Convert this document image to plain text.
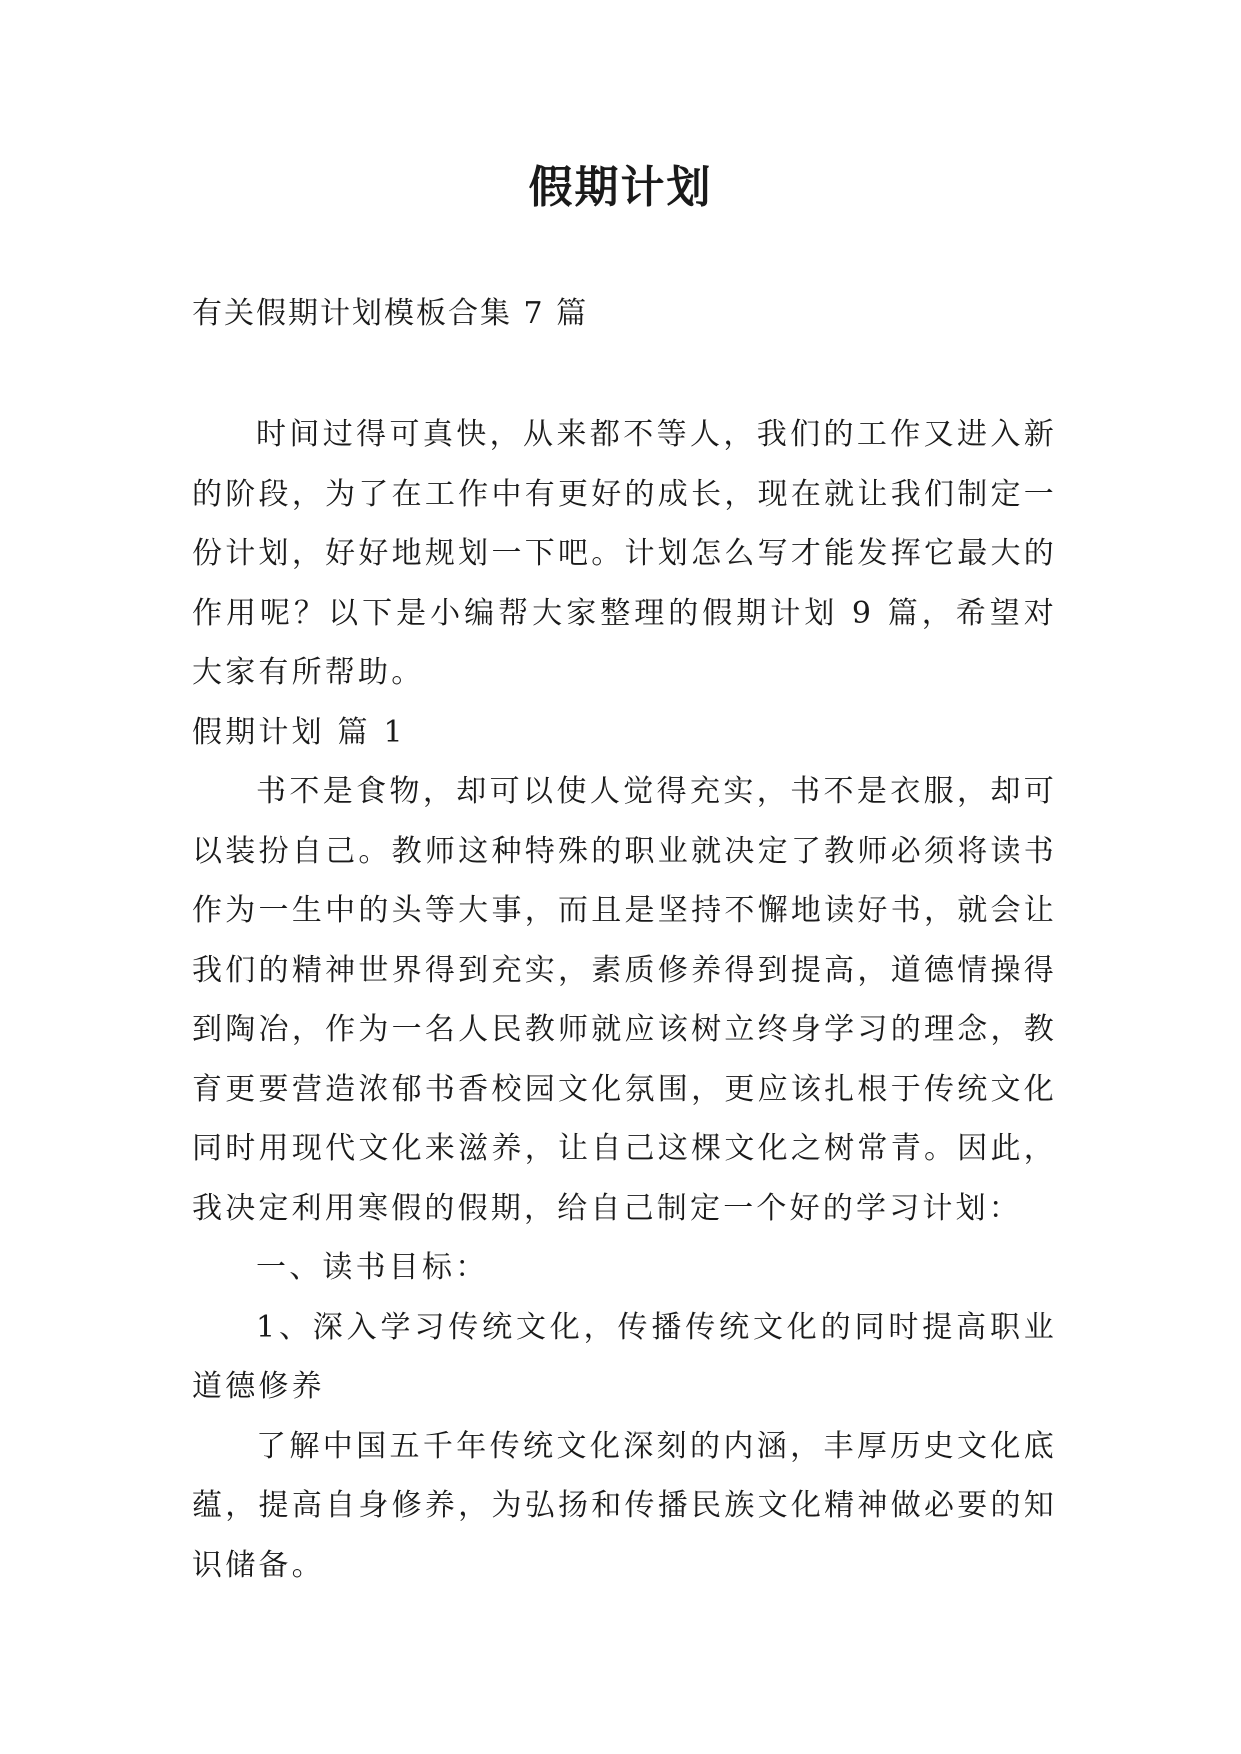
假期计划

有关假期计划模板合集 7 篇

时间过得可真快，从来都不等人，我们的工作又进入新的阶段，为了在工作中有更好的成长，现在就让我们制定一份计划，好好地规划一下吧。计划怎么写才能发挥它最大的作用呢？以下是小编帮大家整理的假期计划 9 篇，希望对大家有所帮助。

假期计划 篇 1

书不是食物，却可以使人觉得充实，书不是衣服，却可以装扮自己。教师这种特殊的职业就决定了教师必须将读书作为一生中的头等大事，而且是坚持不懈地读好书，就会让我们的精神世界得到充实，素质修养得到提高，道德情操得到陶冶，作为一名人民教师就应该树立终身学习的理念，教育更要营造浓郁书香校园文化氛围，更应该扎根于传统文化同时用现代文化来滋养，让自己这棵文化之树常青。因此，我决定利用寒假的假期，给自己制定一个好的学习计划：

一、读书目标：

1、深入学习传统文化，传播传统文化的同时提高职业道德修养

了解中国五千年传统文化深刻的内涵，丰厚历史文化底蕴，提高自身修养，为弘扬和传播民族文化精神做必要的知识储备。
